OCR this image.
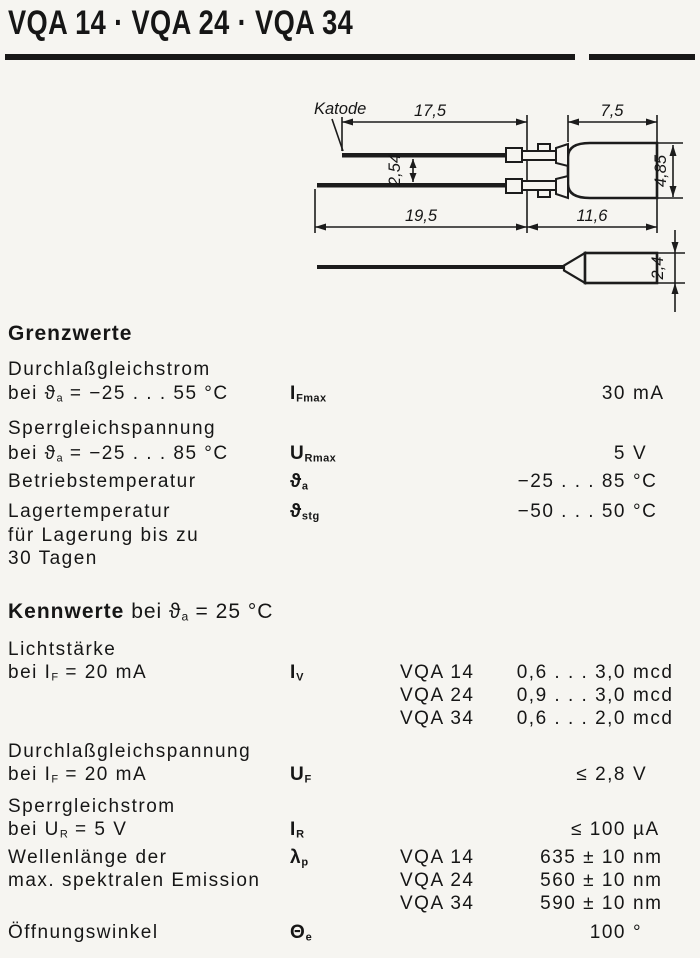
VQA 14 · VQA 24 · VQA 34
Katode	17,5	7,5
19,5	11,6
2,54	4,85
2,4
Grenzwerte
Durchlaßgleichstrom
bei $ϑ_a = -25$ . . . 55 °C	$I_{Fmax}$	30 mA
Sperrgleichspannung
bei $ϑ_a = -25$ . . . 85 °C	$U_{Rmax}$	5 V
Betriebstemperatur	$ϑ_a$	−25 . . . 85 °C
Lagertemperatur	$ϑ_{stg}$	−50 . . . 50 °C
für Lagerung bis zu
30 Tagen
Kennwerte bei $ϑ_a = 25$ °C
Lichtstärke
bei $I_F = 20$ mA	$I_V$	VQA 14	0,6 . . . 3,0 mcd
VQA 24	0,9 . . . 3,0 mcd
VQA 34	0,6 . . . 2,0 mcd
Durchlaßgleichspannung
bei $I_F = 20$ mA	$U_F$	≤ 2,8 V
Sperrgleichstrom
bei $U_R = 5$ V	$I_R$	≤ 100 µA
Wellenlänge der	$\lambda_p$	VQA 14	635 ± 10 nm
max. spektralen Emission	VQA 24	560 ± 10 nm
VQA 34	590 ± 10 nm
Öffnungswinkel	$\Theta_e$	100 °
